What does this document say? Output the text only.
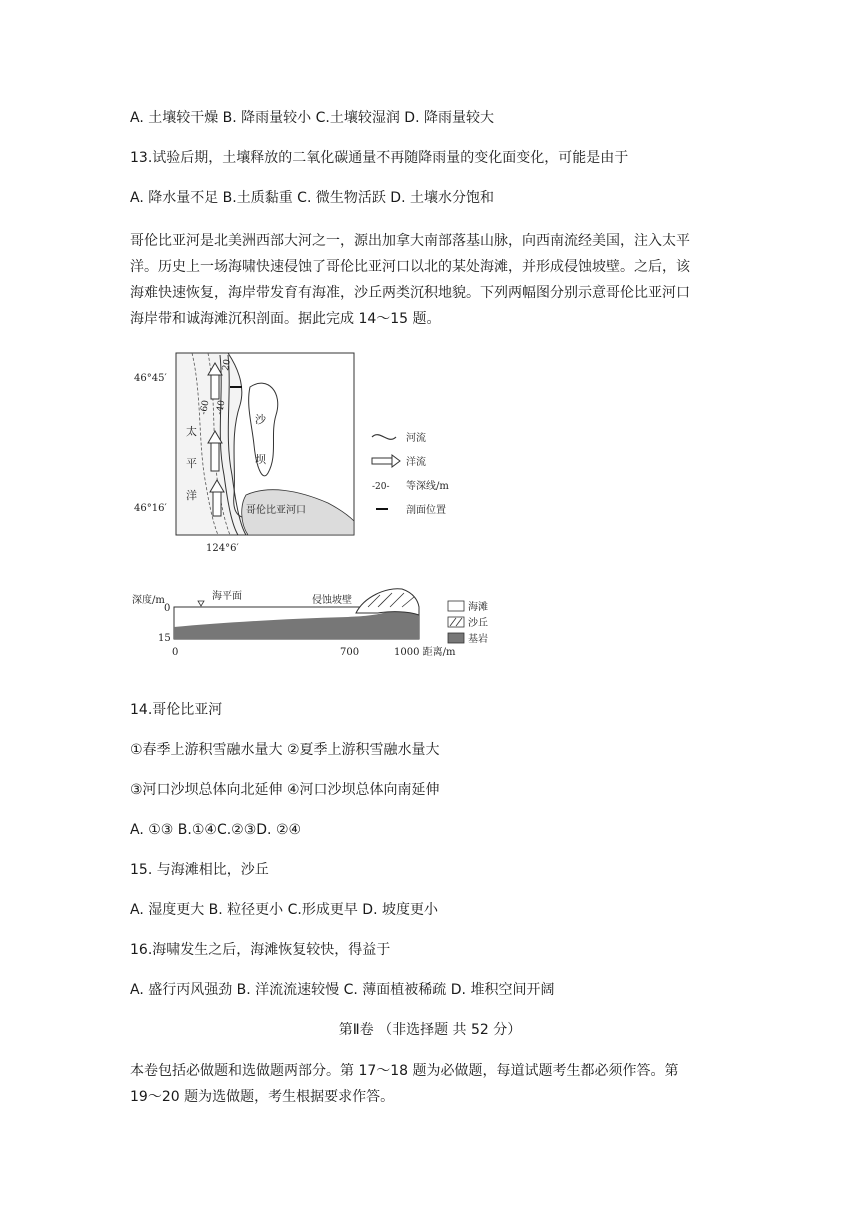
A. 土壤较干燥 B. 降雨量较小 C.土壤较湿润 D. 降雨量较大
13.试验后期，土壤释放的二氧化碳通量不再随降雨量的变化面变化，可能是由于
A. 降水量不足 B.土质黏重 C. 微生物活跃 D. 土壤水分饱和

哥伦比亚河是北美洲西部大河之一，源出加拿大南部落基山脉，向西南流经美国，注入太平

洋。历史上一场海啸快速侵蚀了哥伦比亚河口以北的某处海滩，并形成侵蚀坡壁。之后，该

海难快速恢复，海岸带发育有海准，沙丘两类沉积地貌。下列两幅图分别示意哥伦比亚河口

海岸带和诚海滩沉积剖面。据此完成 14～15 题。

46°45′
46°16′
124°6′
20
-60 -40
太
平
洋
沙
坝
哥伦比亚河口
河流
洋流
-20- 等深线/m
剖面位置
深度/m
0
15
海平面	侵蚀坡壁
0	700	1000 距离/m
海滩
沙丘
基岩
14.哥伦比亚河
①春季上游积雪融水量大 ②夏季上游积雪融水量大
③河口沙坝总体向北延伸 ④河口沙坝总体向南延伸
A. ①③ B.①④C.②③D. ②④
15. 与海滩相比，沙丘
A. 湿度更大 B. 粒径更小 C.形成更早 D. 坡度更小
16.海啸发生之后，海滩恢复较快，得益于
A. 盛行丙风强劲 B. 洋流流速较慢 C. 薄面植被稀疏 D. 堆积空间开阔
第Ⅱ卷 （非选择题 共 52 分）

本卷包括必做题和选做题两部分。第 17～18 题为必做题，每道试题考生都必须作答。第

19～20 题为选做题，考生根据要求作答。
